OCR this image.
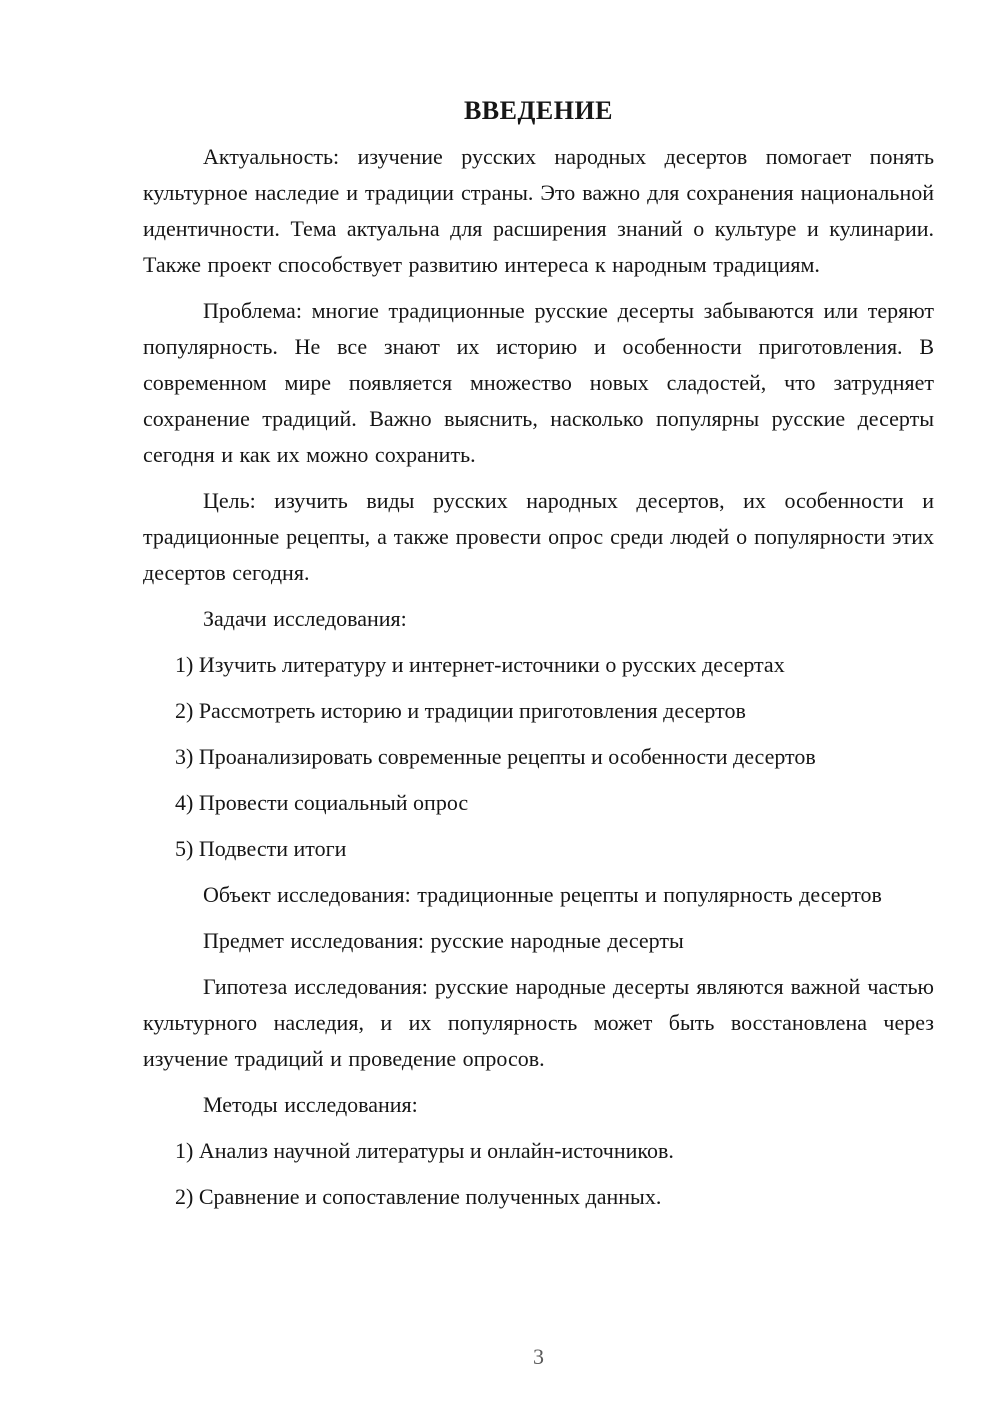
ВВЕДЕНИЕ

Актуальность: изучение русских народных десертов помогает понять культурное наследие и традиции страны. Это важно для сохранения национальной идентичности. Тема актуальна для расширения знаний о культуре и кулинарии. Также проект способствует развитию интереса к народным традициям.

Проблема: многие традиционные русские десерты забываются или теряют популярность. Не все знают их историю и особенности приготовления. В современном мире появляется множество новых сладостей, что затрудняет сохранение традиций. Важно выяснить, насколько популярны русские десерты сегодня и как их можно сохранить.

Цель: изучить виды русских народных десертов, их особенности и традиционные рецепты, а также провести опрос среди людей о популярности этих десертов сегодня.

Задачи исследования:

1) Изучить литературу и интернет-источники о русских десертах

2) Рассмотреть историю и традиции приготовления десертов

3) Проанализировать современные рецепты и особенности десертов

4) Провести социальный опрос

5) Подвести итоги

Объект исследования: традиционные рецепты и популярность десертов

Предмет исследования: русские народные десерты

Гипотеза исследования: русские народные десерты являются важной частью культурного наследия, и их популярность может быть восстановлена через изучение традиций и проведение опросов.

Методы исследования:

1) Анализ научной литературы и онлайн-источников.

2) Сравнение и сопоставление полученных данных.

3
